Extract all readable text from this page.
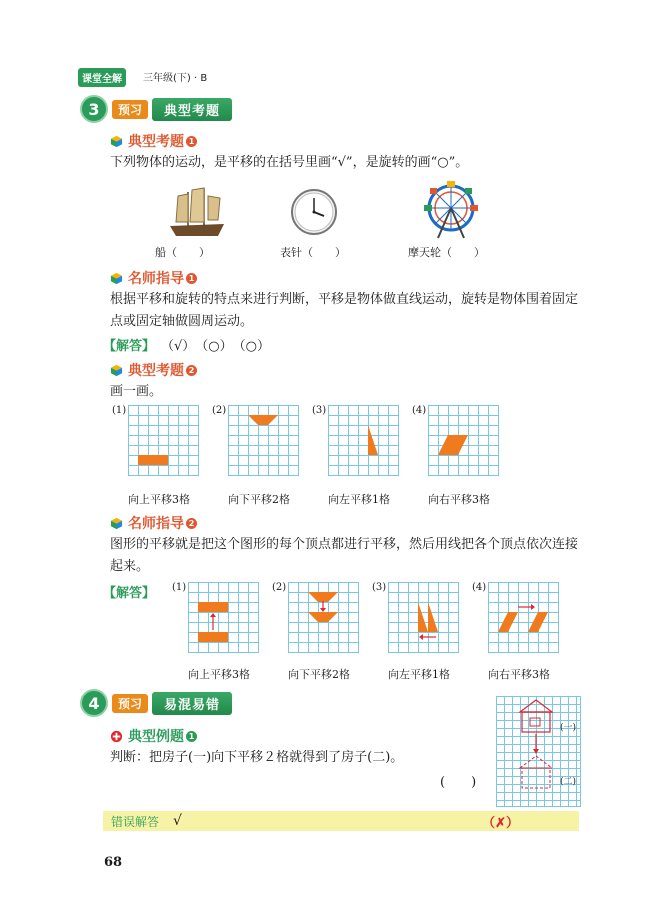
课堂全解	三年级(下) · B
3	预习	典型考题
典型考题 1
下列物体的运动，是平移的在括号里画“√”，是旋转的画“○”。
船（　　）	表针（　　）	摩天轮（　　）
名师指导 1
根据平移和旋转的特点来进行判断，平移是物体做直线运动，旋转是物体围着固定点或固定轴做圆周运动。
【解答】 （√）　（○）　（○）
典型考题 2
画一画。
(1)	(2)	(3)	(4)
向上平移3格	向下平移2格	向左平移1格	向右平移3格
名师指导 2
图形的平移就是把这个图形的每个顶点都进行平移，然后用线把各个顶点依次连接起来。
【解答】 (1)	(2)	(3)	(4)
向上平移3格	向下平移2格	向左平移1格	向右平移3格
4	预习	易混易错
典型例题 1
判断：把房子(一)向下平移２格就得到了房子(二)。
(　　)
(一)
(二)
错误解答 √	（✗）
68
